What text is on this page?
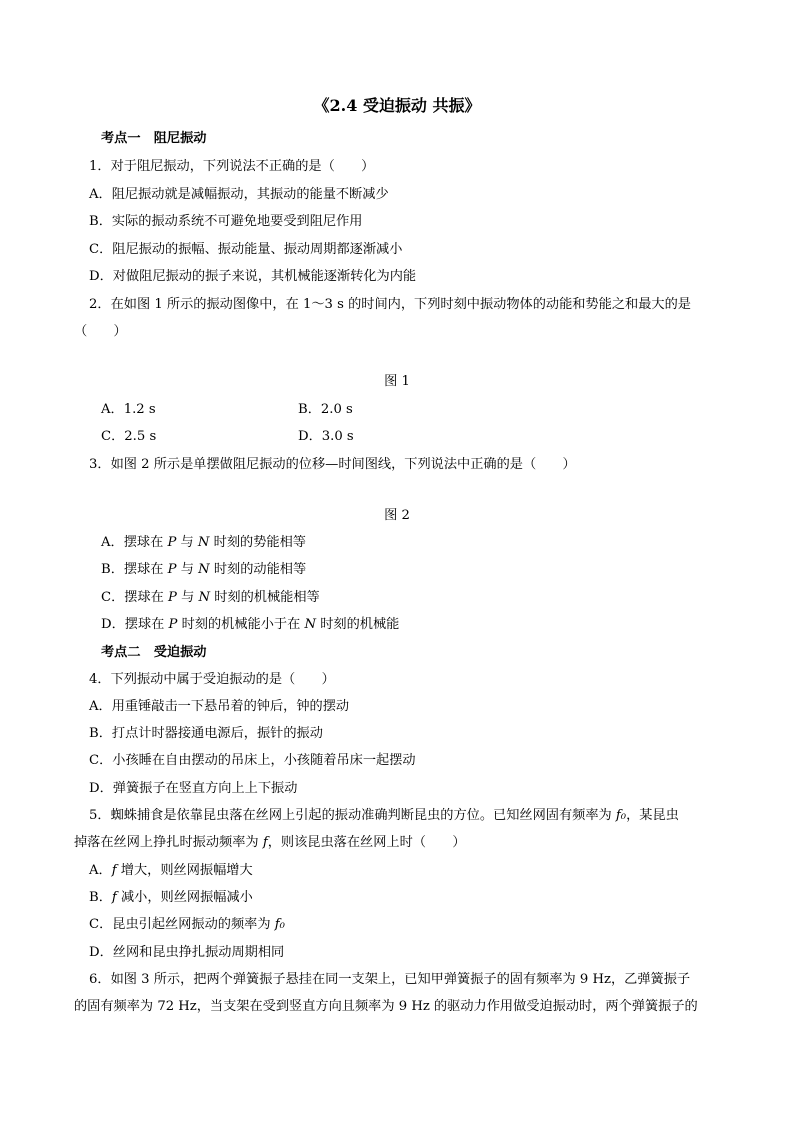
《2.4 受迫振动 共振》
考点一　阻尼振动
1．对于阻尼振动，下列说法不正确的是（　　）
A．阻尼振动就是减幅振动，其振动的能量不断减少
B．实际的振动系统不可避免地要受到阻尼作用
C．阻尼振动的振幅、振动能量、振动周期都逐渐减小
D．对做阻尼振动的振子来说，其机械能逐渐转化为内能
2．在如图 1 所示的振动图像中，在 1～3 s 的时间内，下列时刻中振动物体的动能和势能之和最大的是
（　　）
图 1
A．1.2 s	B．2.0 s
C．2.5 s	D．3.0 s
3．如图 2 所示是单摆做阻尼振动的位移—时间图线，下列说法中正确的是（　　）
图 2
A．摆球在 P 与 N 时刻的势能相等
B．摆球在 P 与 N 时刻的动能相等
C．摆球在 P 与 N 时刻的机械能相等
D．摆球在 P 时刻的机械能小于在 N 时刻的机械能
考点二　受迫振动
4．下列振动中属于受迫振动的是（　　）
A．用重锤敲击一下悬吊着的钟后，钟的摆动
B．打点计时器接通电源后，振针的振动
C．小孩睡在自由摆动的吊床上，小孩随着吊床一起摆动
D．弹簧振子在竖直方向上上下振动
5．蜘蛛捕食是依靠昆虫落在丝网上引起的振动准确判断昆虫的方位。已知丝网固有频率为 f₀，某昆虫
掉落在丝网上挣扎时振动频率为 f，则该昆虫落在丝网上时（　　）
A．f 增大，则丝网振幅增大
B．f 减小，则丝网振幅减小
C．昆虫引起丝网振动的频率为 f₀
D．丝网和昆虫挣扎振动周期相同
6．如图 3 所示，把两个弹簧振子悬挂在同一支架上，已知甲弹簧振子的固有频率为 9 Hz，乙弹簧振子
的固有频率为 72 Hz，当支架在受到竖直方向且频率为 9 Hz 的驱动力作用做受迫振动时，两个弹簧振子的
